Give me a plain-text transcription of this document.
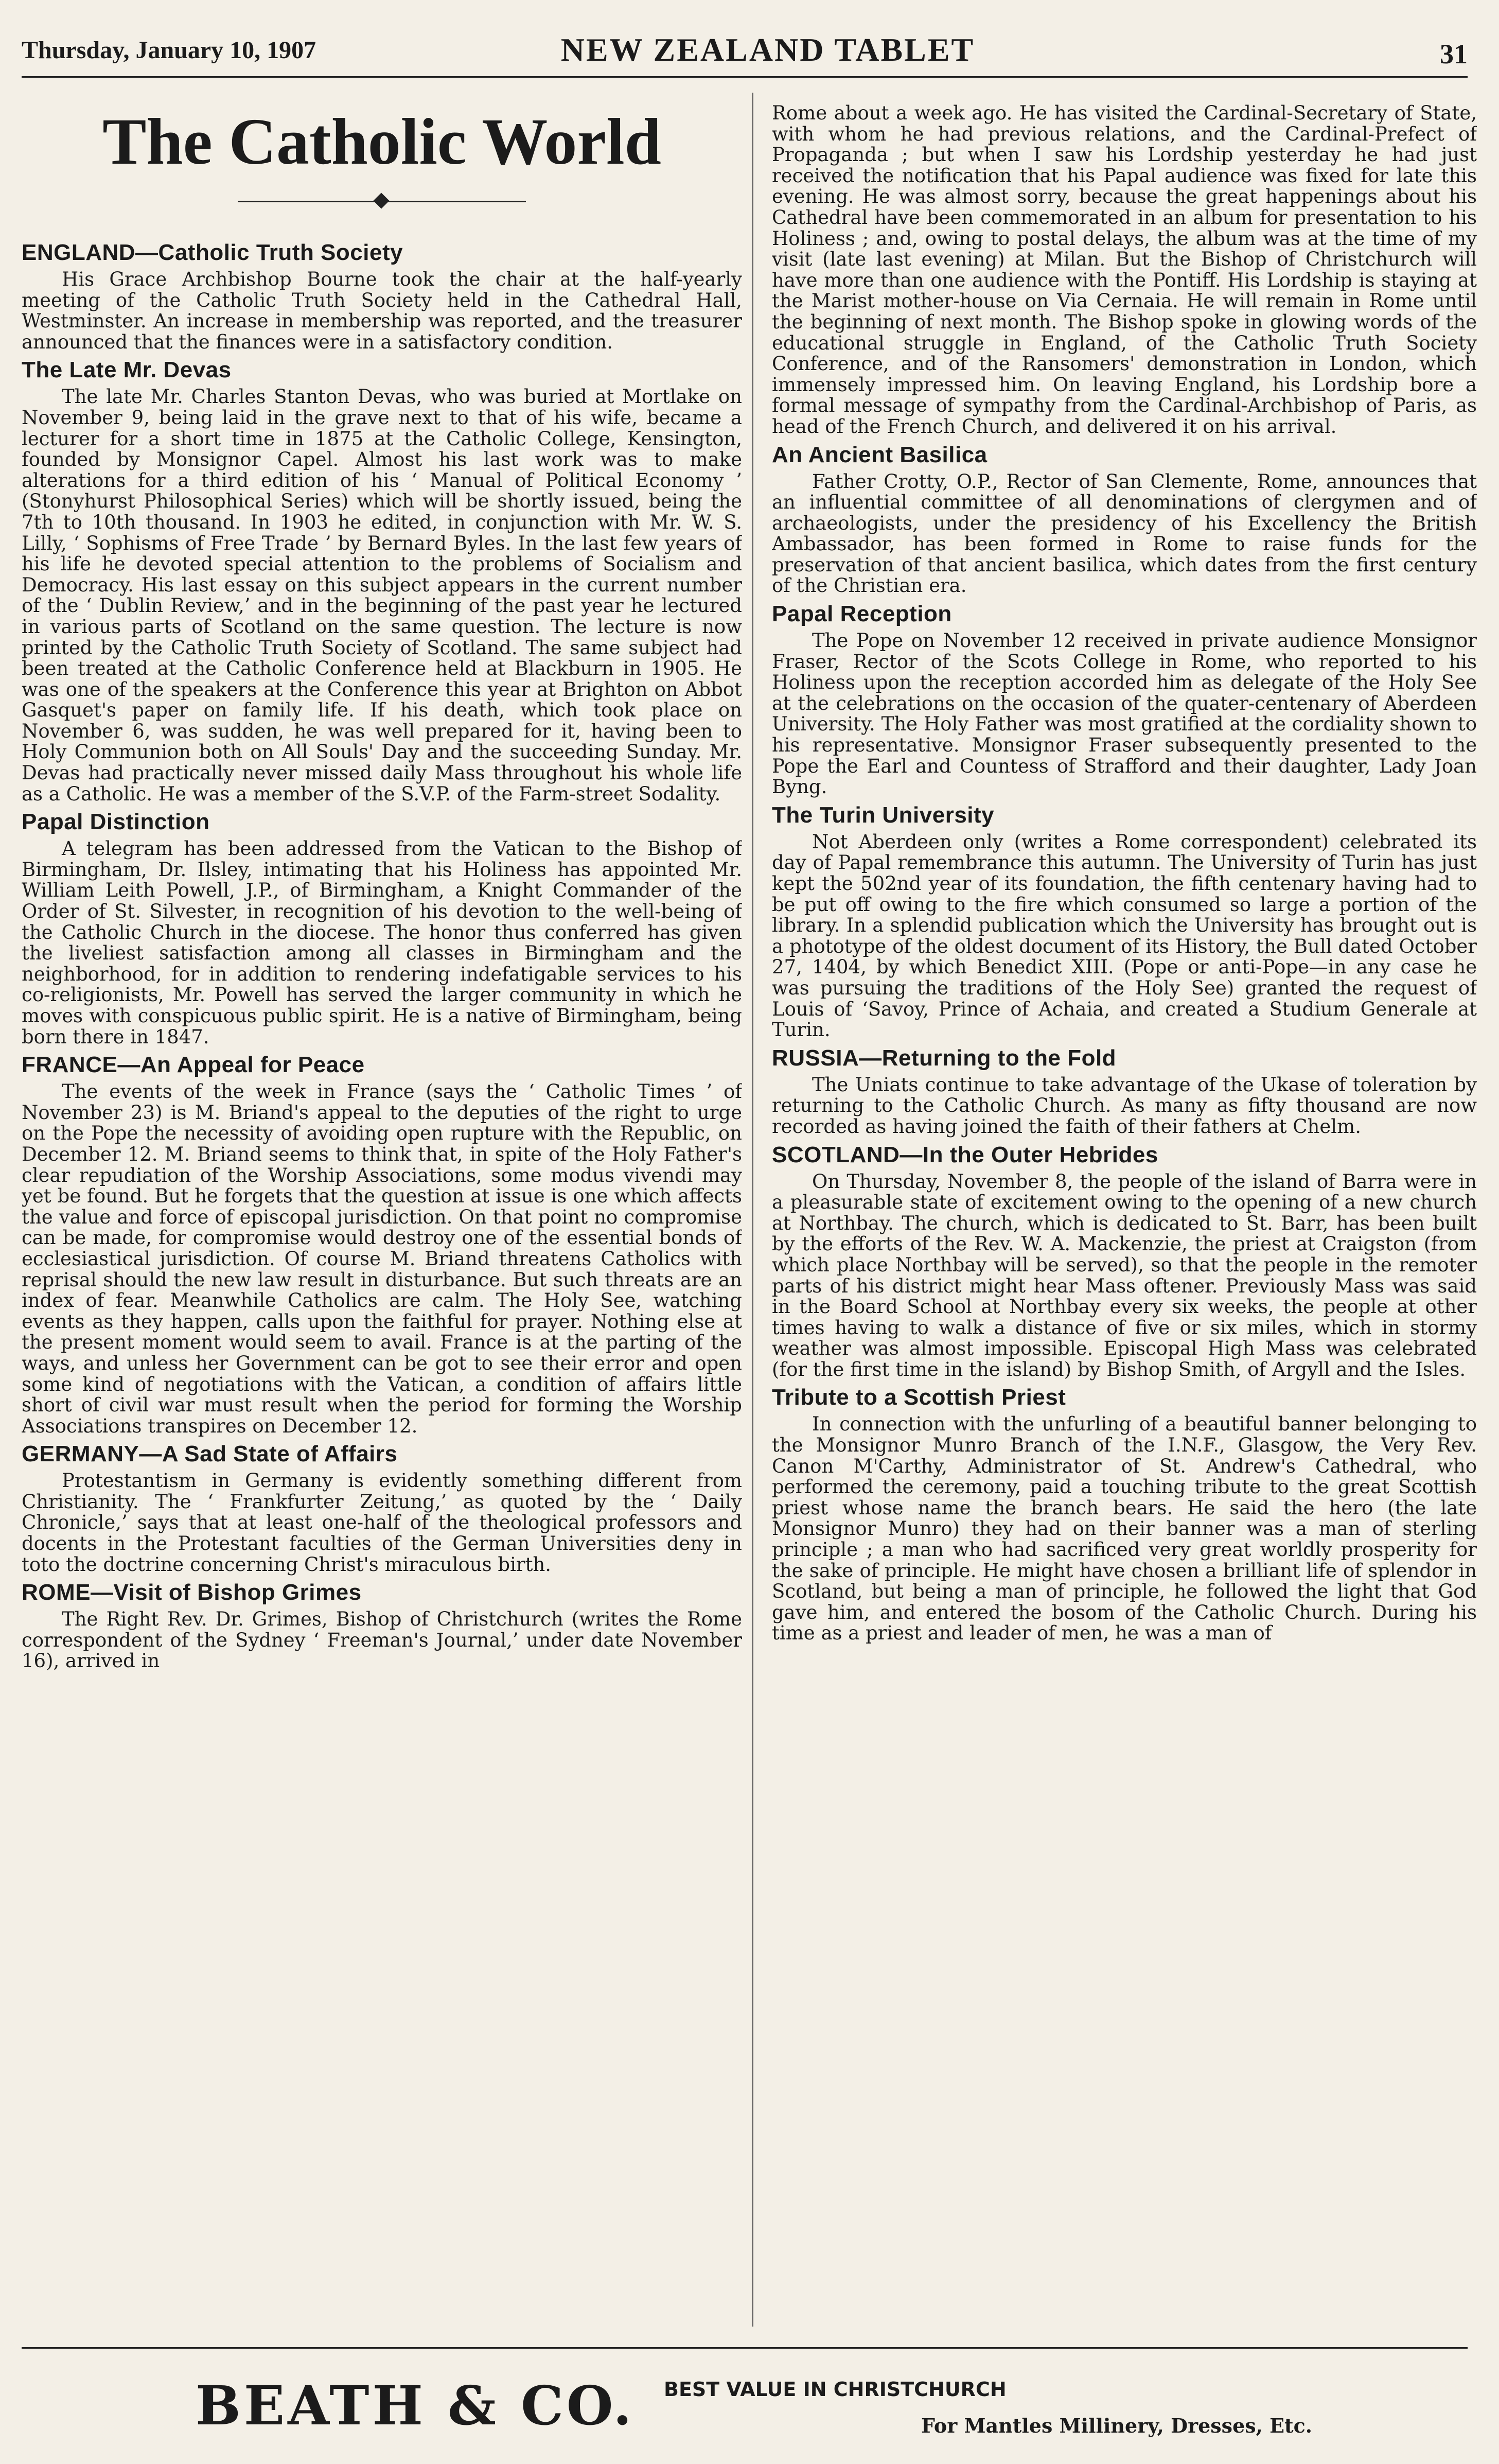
Thursday, January 10, 1907	NEW ZEALAND TABLET	31
The Catholic World
ENGLAND—Catholic Truth Society

His Grace Archbishop Bourne took the chair at the half-yearly meeting of the Catholic Truth Society held in the Cathedral Hall, Westminster. An increase in membership was reported, and the treasurer announced that the finances were in a satisfactory condition.

The Late Mr. Devas

The late Mr. Charles Stanton Devas, who was buried at Mortlake on November 9, being laid in the grave next to that of his wife, became a lecturer for a short time in 1875 at the Catholic College, Kensington, founded by Monsignor Capel. Almost his last work was to make alterations for a third edition of his ‘ Manual of Political Economy ’ (Stonyhurst Philosophical Series) which will be shortly issued, being the 7th to 10th thousand. In 1903 he edited, in conjunction with Mr. W. S. Lilly, ‘ Sophisms of Free Trade ’ by Bernard Byles. In the last few years of his life he devoted special attention to the problems of Socialism and Democracy. His last essay on this subject appears in the current number of the ‘ Dublin Review,’ and in the beginning of the past year he lectured in various parts of Scotland on the same question. The lecture is now printed by the Catholic Truth Society of Scotland. The same subject had been treated at the Catholic Conference held at Blackburn in 1905. He was one of the speakers at the Conference this year at Brighton on Abbot Gasquet's paper on family life. If his death, which took place on November 6, was sudden, he was well prepared for it, having been to Holy Communion both on All Souls' Day and the succeeding Sunday. Mr. Devas had practically never missed daily Mass throughout his whole life as a Catholic. He was a member of the S.V.P. of the Farm-street Sodality.

Papal Distinction

A telegram has been addressed from the Vatican to the Bishop of Birmingham, Dr. Ilsley, intimating that his Holiness has appointed Mr. William Leith Powell, J.P., of Birmingham, a Knight Commander of the Order of St. Silvester, in recognition of his devotion to the well-being of the Catholic Church in the diocese. The honor thus conferred has given the liveliest satisfaction among all classes in Birmingham and the neighborhood, for in addition to rendering indefatigable services to his co-religionists, Mr. Powell has served the larger community in which he moves with conspicuous public spirit. He is a native of Birmingham, being born there in 1847.

FRANCE—An Appeal for Peace

The events of the week in France (says the ‘ Catholic Times ’ of November 23) is M. Briand's appeal to the deputies of the right to urge on the Pope the necessity of avoiding open rupture with the Republic, on December 12. M. Briand seems to think that, in spite of the Holy Father's clear repudiation of the Worship Associations, some modus vivendi may yet be found. But he forgets that the question at issue is one which affects the value and force of episcopal jurisdiction. On that point no compromise can be made, for compromise would destroy one of the essential bonds of ecclesiastical jurisdiction. Of course M. Briand threatens Catholics with reprisal should the new law result in disturbance. But such threats are an index of fear. Meanwhile Catholics are calm. The Holy See, watching events as they happen, calls upon the faithful for prayer. Nothing else at the present moment would seem to avail. France is at the parting of the ways, and unless her Government can be got to see their error and open some kind of negotiations with the Vatican, a condition of affairs little short of civil war must result when the period for forming the Worship Associations transpires on December 12.

GERMANY—A Sad State of Affairs

Protestantism in Germany is evidently something different from Christianity. The ‘ Frankfurter Zeitung,’ as quoted by the ‘ Daily Chronicle,’ says that at least one-half of the theological professors and docents in the Protestant faculties of the German Universities deny in toto the doctrine concerning Christ's miraculous birth.

ROME—Visit of Bishop Grimes

The Right Rev. Dr. Grimes, Bishop of Christchurch (writes the Rome correspondent of the Sydney ‘ Freeman's Journal,’ under date November 16), arrived in

Rome about a week ago. He has visited the Cardinal-Secretary of State, with whom he had previous relations, and the Cardinal-Prefect of Propaganda ; but when I saw his Lordship yesterday he had just received the notification that his Papal audience was fixed for late this evening. He was almost sorry, because the great happenings about his Cathedral have been commemorated in an album for presentation to his Holiness ; and, owing to postal delays, the album was at the time of my visit (late last evening) at Milan. But the Bishop of Christchurch will have more than one audience with the Pontiff. His Lordship is staying at the Marist mother-house on Via Cernaia. He will remain in Rome until the beginning of next month. The Bishop spoke in glowing words of the educational struggle in England, of the Catholic Truth Society Conference, and of the Ransomers' demonstration in London, which immensely impressed him. On leaving England, his Lordship bore a formal message of sympathy from the Cardinal-Archbishop of Paris, as head of the French Church, and delivered it on his arrival.

An Ancient Basilica

Father Crotty, O.P., Rector of San Clemente, Rome, announces that an influential committee of all denominations of clergymen and of archaeologists, under the presidency of his Excellency the British Ambassador, has been formed in Rome to raise funds for the preservation of that ancient basilica, which dates from the first century of the Christian era.

Papal Reception

The Pope on November 12 received in private audience Monsignor Fraser, Rector of the Scots College in Rome, who reported to his Holiness upon the reception accorded him as delegate of the Holy See at the celebrations on the occasion of the quater-centenary of Aberdeen University. The Holy Father was most gratified at the cordiality shown to his representative. Monsignor Fraser subsequently presented to the Pope the Earl and Countess of Strafford and their daughter, Lady Joan Byng.

The Turin University

Not Aberdeen only (writes a Rome correspondent) celebrated its day of Papal remembrance this autumn. The University of Turin has just kept the 502nd year of its foundation, the fifth centenary having had to be put off owing to the fire which consumed so large a portion of the library. In a splendid publication which the University has brought out is a phototype of the oldest document of its History, the Bull dated October 27, 1404, by which Benedict XIII. (Pope or anti-Pope—in any case he was pursuing the traditions of the Holy See) granted the request of Louis of ‘Savoy, Prince of Achaia, and created a Studium Generale at Turin.

RUSSIA—Returning to the Fold

The Uniats continue to take advantage of the Ukase of toleration by returning to the Catholic Church. As many as fifty thousand are now recorded as having joined the faith of their fathers at Chelm.

SCOTLAND—In the Outer Hebrides

On Thursday, November 8, the people of the island of Barra were in a pleasurable state of excitement owing to the opening of a new church at Northbay. The church, which is dedicated to St. Barr, has been built by the efforts of the Rev. W. A. Mackenzie, the priest at Craigston (from which place Northbay will be served), so that the people in the remoter parts of his district might hear Mass oftener. Previously Mass was said in the Board School at Northbay every six weeks, the people at other times having to walk a distance of five or six miles, which in stormy weather was almost impossible. Episcopal High Mass was celebrated (for the first time in the island) by Bishop Smith, of Argyll and the Isles.

Tribute to a Scottish Priest

In connection with the unfurling of a beautiful banner belonging to the Monsignor Munro Branch of the I.N.F., Glasgow, the Very Rev. Canon M'Carthy, Administrator of St. Andrew's Cathedral, who performed the ceremony, paid a touching tribute to the great Scottish priest whose name the branch bears. He said the hero (the late Monsignor Munro) they had on their banner was a man of sterling principle ; a man who had sacrificed very great worldly prosperity for the sake of principle. He might have chosen a brilliant life of splendor in Scotland, but being a man of principle, he followed the light that God gave him, and entered the bosom of the Catholic Church. During his time as a priest and leader of men, he was a man of

BEATH & CO. BEST VALUE IN CHRISTCHURCH
For Mantles Millinery, Dresses, Etc.
